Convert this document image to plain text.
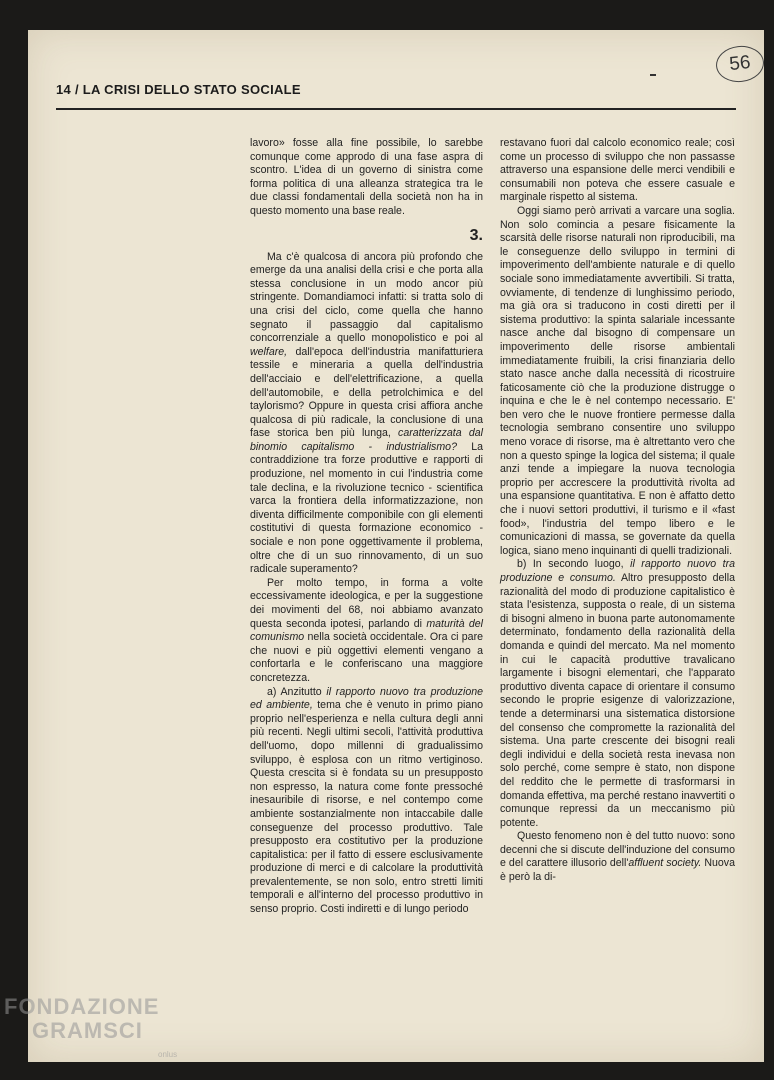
14 / LA CRISI DELLO STATO SOCIALE
56

lavoro» fosse alla fine possibile, lo sarebbe comunque come approdo di una fase aspra di scontro. L'idea di un governo di sinistra come forma politica di una alleanza strategica tra le due classi fondamentali della società non ha in questo momento una base reale.

3.

Ma c'è qualcosa di ancora più profondo che emerge da una analisi della crisi e che porta alla stessa conclusione in un modo ancor più stringente. Domandiamoci infatti: si tratta solo di una crisi del ciclo, come quella che hanno segnato il passaggio dal capitalismo concorrenziale a quello monopolistico e poi al welfare, dall'epoca dell'industria manifatturiera tessile e mineraria a quella dell'industria dell'acciaio e dell'elettrificazione, a quella dell'automobile, e della petrolchimica e del taylorismo? Oppure in questa crisi affiora anche qualcosa di più radicale, la conclusione di una fase storica ben più lunga, caratterizzata dal binomio capitalismo - industrialismo? La contraddizione tra forze produttive e rapporti di produzione, nel momento in cui l'industria come tale declina, e la rivoluzione tecnico - scientifica varca la frontiera della informatizzazione, non diventa difficilmente componibile con gli elementi costitutivi di questa formazione economico - sociale e non pone oggettivamente il problema, oltre che di un suo rinnovamento, di un suo radicale superamento?

Per molto tempo, in forma a volte eccessivamente ideologica, e per la suggestione dei movimenti del 68, noi abbiamo avanzato questa seconda ipotesi, parlando di maturità del comunismo nella società occidentale. Ora ci pare che nuovi e più oggettivi elementi vengano a confortarla e le conferiscano una maggiore concretezza.

a) Anzitutto il rapporto nuovo tra produzione ed ambiente, tema che è venuto in primo piano proprio nell'esperienza e nella cultura degli anni più recenti. Negli ultimi secoli, l'attività produttiva dell'uomo, dopo millenni di gradualissimo sviluppo, è esplosa con un ritmo vertiginoso. Questa crescita si è fondata su un presupposto non espresso, la natura come fonte pressoché inesauribile di risorse, e nel contempo come ambiente sostanzialmente non intaccabile dalle conseguenze del processo produttivo. Tale presupposto era costitutivo per la produzione capitalistica: per il fatto di essere esclusivamente produzione di merci e di calcolare la produttività prevalentemente, se non solo, entro stretti limiti temporali e all'interno del processo produttivo in senso proprio. Costi indiretti e di lungo periodo

restavano fuori dal calcolo economico reale; così come un processo di sviluppo che non passasse attraverso una espansione delle merci vendibili e consumabili non poteva che essere casuale e marginale rispetto al sistema.

Oggi siamo però arrivati a varcare una soglia. Non solo comincia a pesare fisicamente la scarsità delle risorse naturali non riproducibili, ma le conseguenze dello sviluppo in termini di impoverimento dell'ambiente naturale e di quello sociale sono immediatamente avvertibili. Si tratta, ovviamente, di tendenze di lunghissimo periodo, ma già ora si traducono in costi diretti per il sistema produttivo: la spinta salariale incessante nasce anche dal bisogno di compensare un impoverimento delle risorse ambientali immediatamente fruibili, la crisi finanziaria dello stato nasce anche dalla necessità di ricostruire faticosamente ciò che la produzione distrugge o inquina e che le è nel contempo necessario. E' ben vero che le nuove frontiere permesse dalla tecnologia sembrano consentire uno sviluppo meno vorace di risorse, ma è altrettanto vero che non a questo spinge la logica del sistema; il quale anzi tende a impiegare la nuova tecnologia proprio per accrescere la produttività rivolta ad una espansione quantitativa. E non è affatto detto che i nuovi settori produttivi, il turismo e il «fast food», l'industria del tempo libero e le comunicazioni di massa, se governate da quella logica, siano meno inquinanti di quelli tradizionali.

b) In secondo luogo, il rapporto nuovo tra produzione e consumo. Altro presupposto della razionalità del modo di produzione capitalistico è stata l'esistenza, supposta o reale, di un sistema di bisogni almeno in buona parte autonomamente determinato, fondamento della razionalità della domanda e quindi del mercato. Ma nel momento in cui le capacità produttive travalicano largamente i bisogni elementari, che l'apparato produttivo diventa capace di orientare il consumo secondo le proprie esigenze di valorizzazione, tende a determinarsi una sistematica distorsione del consenso che compromette la razionalità del sistema. Una parte crescente dei bisogni reali degli individui e della società resta inevasa non solo perché, come sempre è stato, non dispone del reddito che le permette di trasformarsi in domanda effettiva, ma perché restano inavvertiti o comunque repressi da un meccanismo più potente.

Questo fenomeno non è del tutto nuovo: sono decenni che si discute dell'induzione del consumo e del carattere illusorio dell'affluent society. Nuova è però la di-

FONDAZIONE
GRAMSCI
onlus
